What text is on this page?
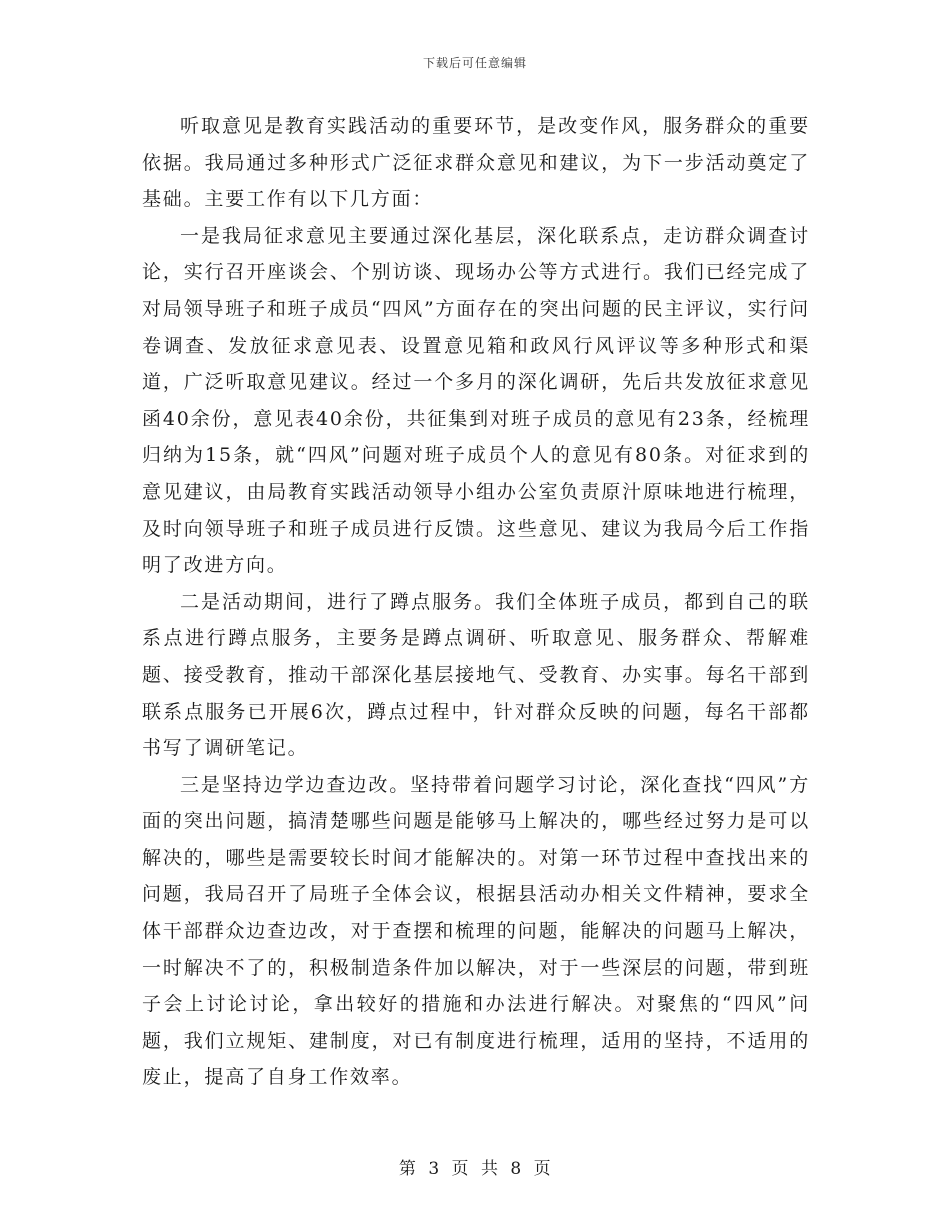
下载后可任意编辑

听取意见是教育实践活动的重要环节，是改变作风，服务群众的重要依据。我局通过多种形式广泛征求群众意见和建议，为下一步活动奠定了基础。主要工作有以下几方面：

一是我局征求意见主要通过深化基层，深化联系点，走访群众调查讨论，实行召开座谈会、个别访谈、现场办公等方式进行。我们已经完成了对局领导班子和班子成员“四风”方面存在的突出问题的民主评议，实行问卷调查、发放征求意见表、设置意见箱和政风行风评议等多种形式和渠道，广泛听取意见建议。经过一个多月的深化调研，先后共发放征求意见函40余份，意见表40余份，共征集到对班子成员的意见有23条，经梳理归纳为15条，就“四风”问题对班子成员个人的意见有80条。对征求到的意见建议，由局教育实践活动领导小组办公室负责原汁原味地进行梳理，及时向领导班子和班子成员进行反馈。这些意见、建议为我局今后工作指明了改进方向。

二是活动期间，进行了蹲点服务。我们全体班子成员，都到自己的联系点进行蹲点服务，主要务是蹲点调研、听取意见、服务群众、帮解难题、接受教育，推动干部深化基层接地气、受教育、办实事。每名干部到联系点服务已开展6次，蹲点过程中，针对群众反映的问题，每名干部都书写了调研笔记。

三是坚持边学边查边改。坚持带着问题学习讨论，深化查找“四风”方面的突出问题，搞清楚哪些问题是能够马上解决的，哪些经过努力是可以解决的，哪些是需要较长时间才能解决的。对第一环节过程中查找出来的问题，我局召开了局班子全体会议，根据县活动办相关文件精神，要求全体干部群众边查边改，对于查摆和梳理的问题，能解决的问题马上解决，一时解决不了的，积极制造条件加以解决，对于一些深层的问题，带到班子会上讨论讨论，拿出较好的措施和办法进行解决。对聚焦的“四风”问题，我们立规矩、建制度，对已有制度进行梳理，适用的坚持，不适用的废止，提高了自身工作效率。

第 3 页 共 8 页
